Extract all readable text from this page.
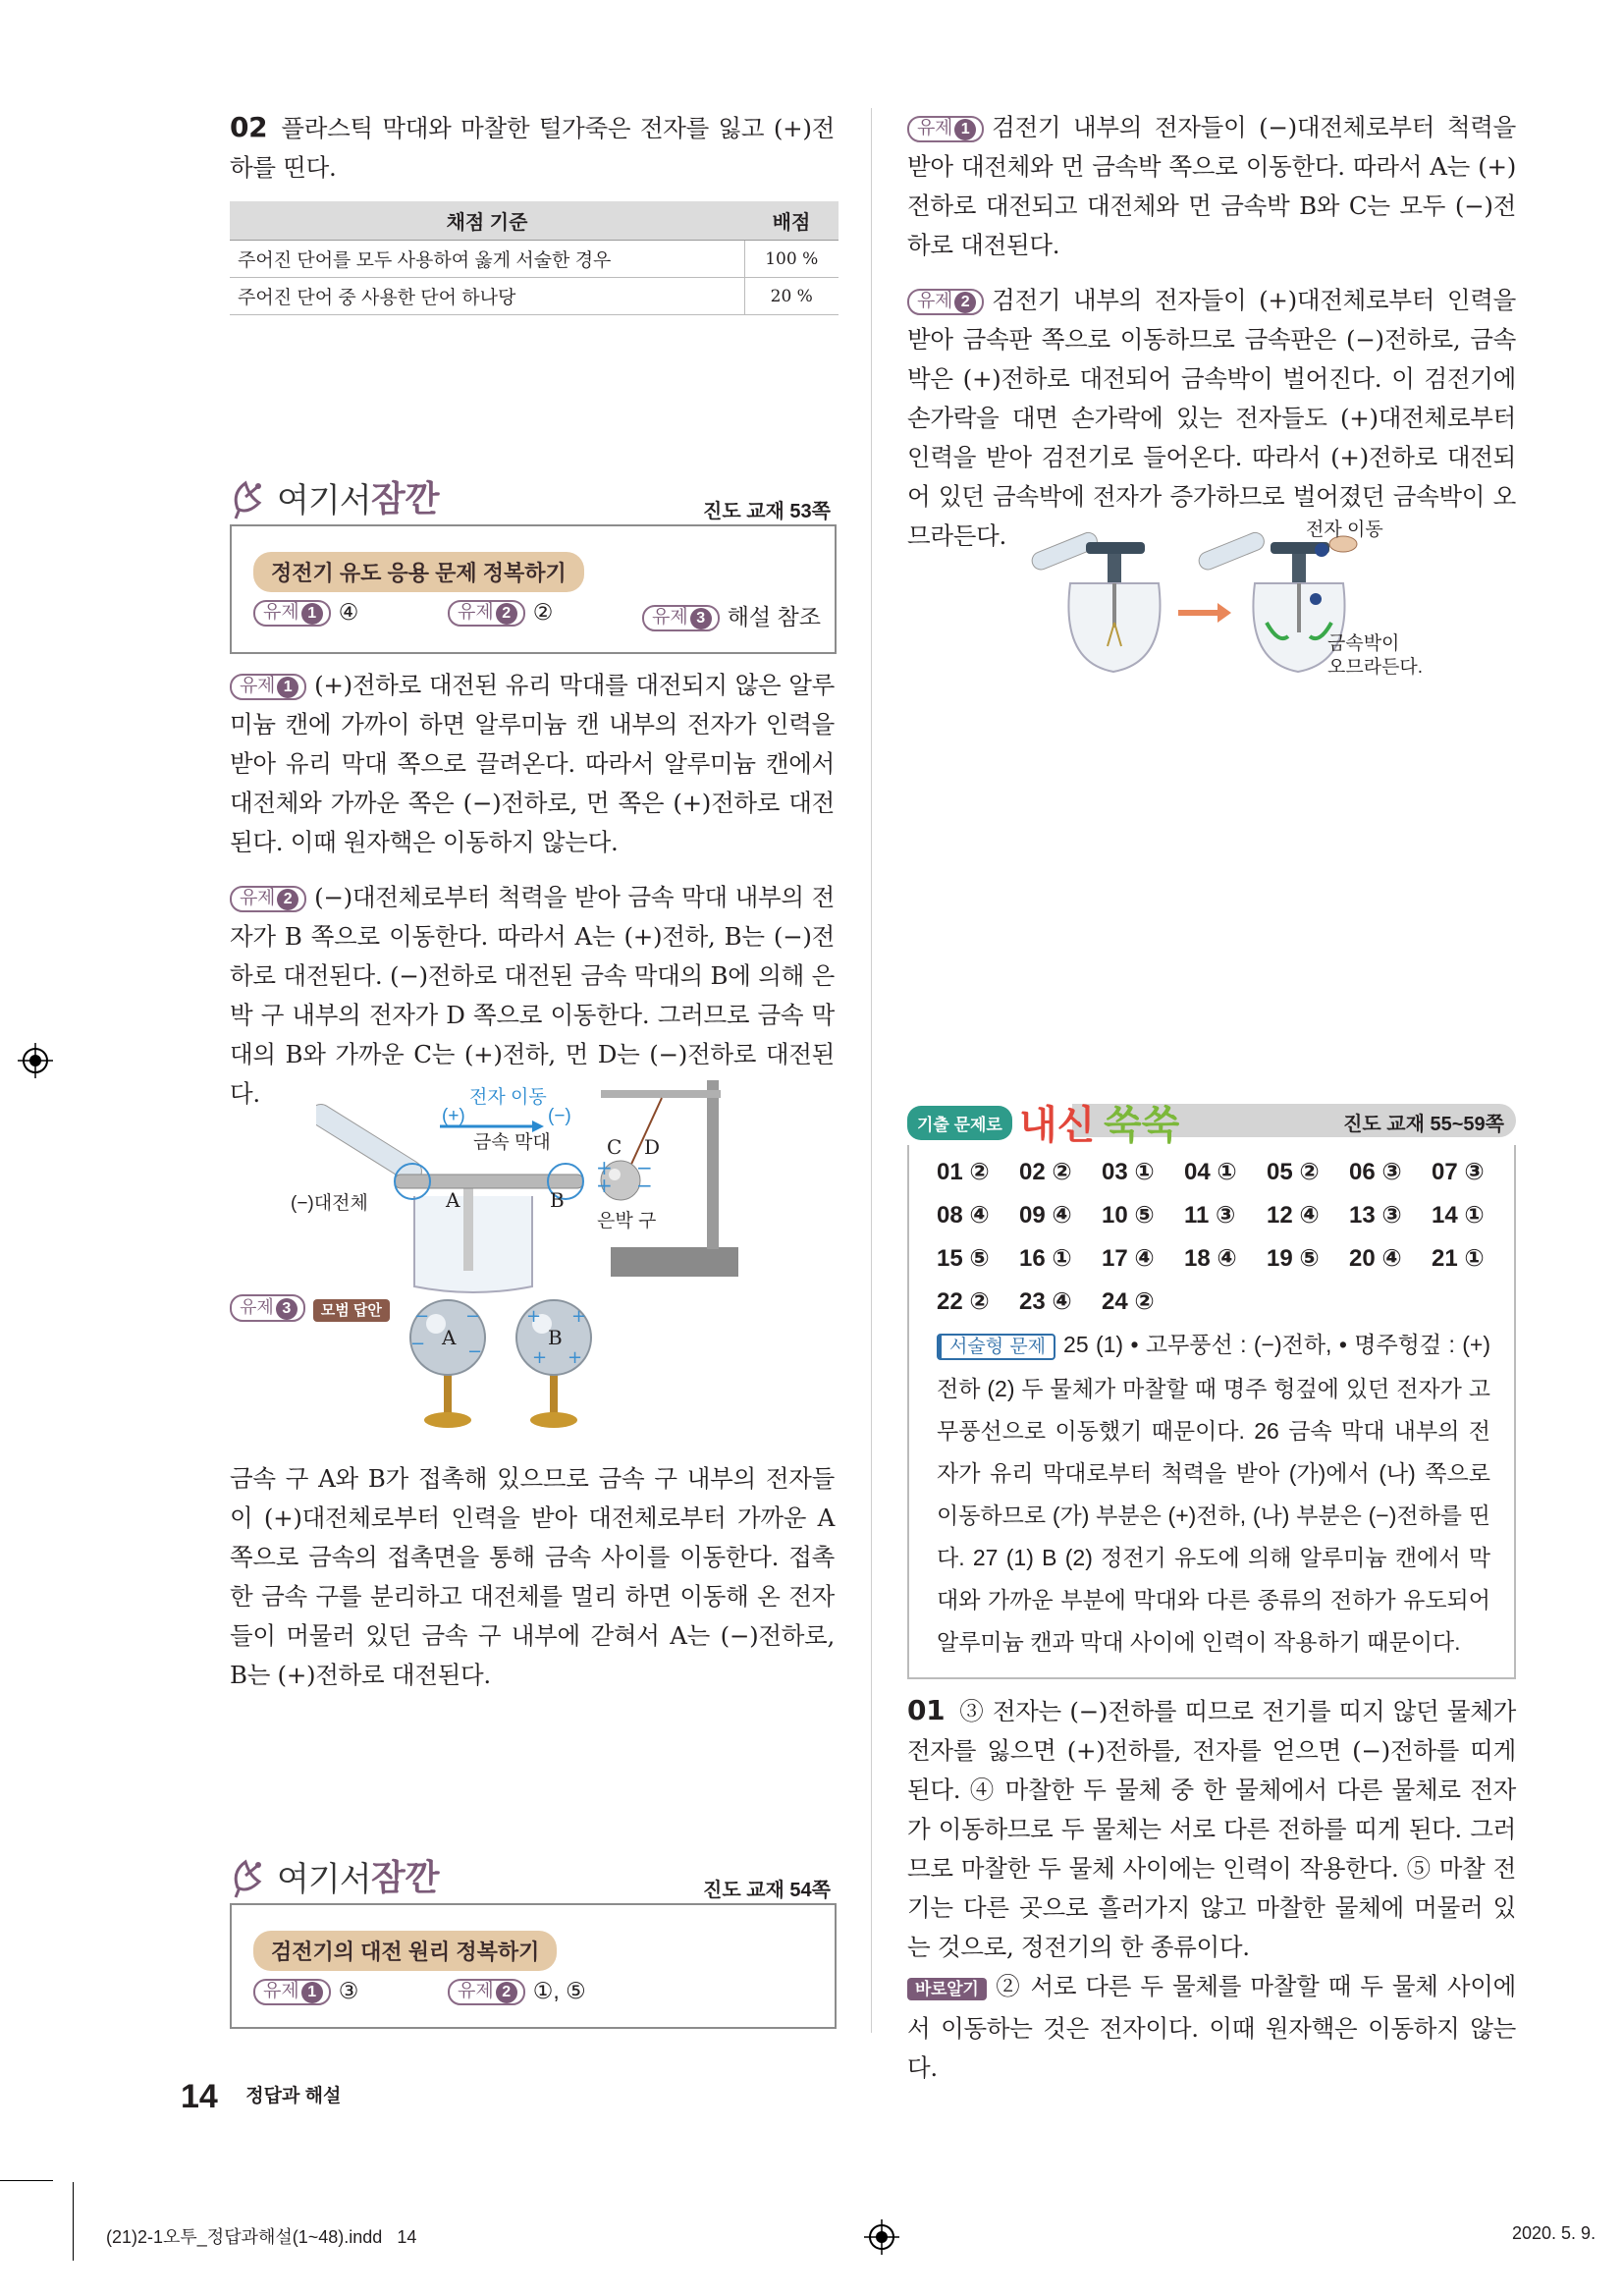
02 플라스틱 막대와 마찰한 털가죽은 전자를 잃고 (+)전하를 띤다.

채점 기준	배점
주어진 단어를 모두 사용하여 옳게 서술한 경우	100 %
주어진 단어 중 사용한 단어 하나당	20 %
여기서 잠깐	진도 교재 53쪽
정전기 유도 응용 문제 정복하기
유제 1 ④	유제 2 ②	유제 3 해설 참조

유제 1 (+)전하로 대전된 유리 막대를 대전되지 않은 알루미늄 캔에 가까이 하면 알루미늄 캔 내부의 전자가 인력을 받아 유리 막대 쪽으로 끌려온다. 따라서 알루미늄 캔에서 대전체와 가까운 쪽은 (−)전하로, 먼 쪽은 (+)전하로 대전된다. 이때 원자핵은 이동하지 않는다.

유제 2 (−)대전체로부터 척력을 받아 금속 막대 내부의 전자가 B 쪽으로 이동한다. 따라서 A는 (+)전하, B는 (−)전하로 대전된다. (−)전하로 대전된 금속 막대의 B에 의해 은박 구 내부의 전자가 D 쪽으로 이동한다. 그러므로 금속 막대의 B와 가까운 C는 (+)전하, 먼 D는 (−)전하로 대전된다.

+
+
−
−
전자 이동
(+)	(−)
금속 막대
(−)대전체	A	B
C D
은박 구
유제 3 모범 답안	− −
− −
+ +
+ +
A	B

금속 구 A와 B가 접촉해 있으므로 금속 구 내부의 전자들이 (+)대전체로부터 인력을 받아 대전체로부터 가까운 A 쪽으로 금속의 접촉면을 통해 금속 사이를 이동한다. 접촉한 금속 구를 분리하고 대전체를 멀리 하면 이동해 온 전자들이 머물러 있던 금속 구 내부에 갇혀서 A는 (−)전하로, B는 (+)전하로 대전된다.

여기서 잠깐	진도 교재 54쪽
검전기의 대전 원리 정복하기
유제 1 ③	유제 2 ①, ⑤

유제 1 검전기 내부의 전자들이 (−)대전체로부터 척력을 받아 대전체와 먼 금속박 쪽으로 이동한다. 따라서 A는 (+)전하로 대전되고 대전체와 먼 금속박 B와 C는 모두 (−)전하로 대전된다.

유제 2 검전기 내부의 전자들이 (+)대전체로부터 인력을 받아 금속판 쪽으로 이동하므로 금속판은 (−)전하로, 금속박은 (+)전하로 대전되어 금속박이 벌어진다. 이 검전기에 손가락을 대면 손가락에 있는 전자들도 (+)대전체로부터 인력을 받아 검전기로 들어온다. 따라서 (+)전하로 대전되어 있던 금속박에 전자가 증가하므로 벌어졌던 금속박이 오므라든다.	전자 이동
금속박이
오므라든다.
기출 문제로 내신 쑥쑥	진도 교재 55~59쪽
01 ② 02 ② 03 ① 04 ① 05 ② 06 ③ 07 ③
08 ④ 09 ④ 10 ⑤ 11 ③ 12 ④ 13 ③ 14 ①
15 ⑤ 16 ① 17 ④ 18 ④ 19 ⑤ 20 ④ 21 ①
22 ② 23 ④ 24 ②

서술형 문제 25 (1) • 고무풍선 : (−)전하, • 명주헝겊 : (+)전하 (2) 두 물체가 마찰할 때 명주 헝겊에 있던 전자가 고무풍선으로 이동했기 때문이다. 26 금속 막대 내부의 전자가 유리 막대로부터 척력을 받아 (가)에서 (나) 쪽으로 이동하므로 (가) 부분은 (+)전하, (나) 부분은 (−)전하를 띤다. 27 (1) B (2) 정전기 유도에 의해 알루미늄 캔에서 막대와 가까운 부분에 막대와 다른 종류의 전하가 유도되어 알루미늄 캔과 막대 사이에 인력이 작용하기 때문이다.

01 ③ 전자는 (−)전하를 띠므로 전기를 띠지 않던 물체가 전자를 잃으면 (+)전하를, 전자를 얻으면 (−)전하를 띠게 된다. ④ 마찰한 두 물체 중 한 물체에서 다른 물체로 전자가 이동하므로 두 물체는 서로 다른 전하를 띠게 된다. 그러므로 마찰한 두 물체 사이에는 인력이 작용한다. ⑤ 마찰 전기는 다른 곳으로 흘러가지 않고 마찰한 물체에 머물러 있는 것으로, 정전기의 한 종류이다.

바로알기 ② 서로 다른 두 물체를 마찰할 때 두 물체 사이에서 이동하는 것은 전자이다. 이때 원자핵은 이동하지 않는다.

14 정답과 해설
(21)2-1오투_정답과해설(1~48).indd   14	2020. 5. 9.
